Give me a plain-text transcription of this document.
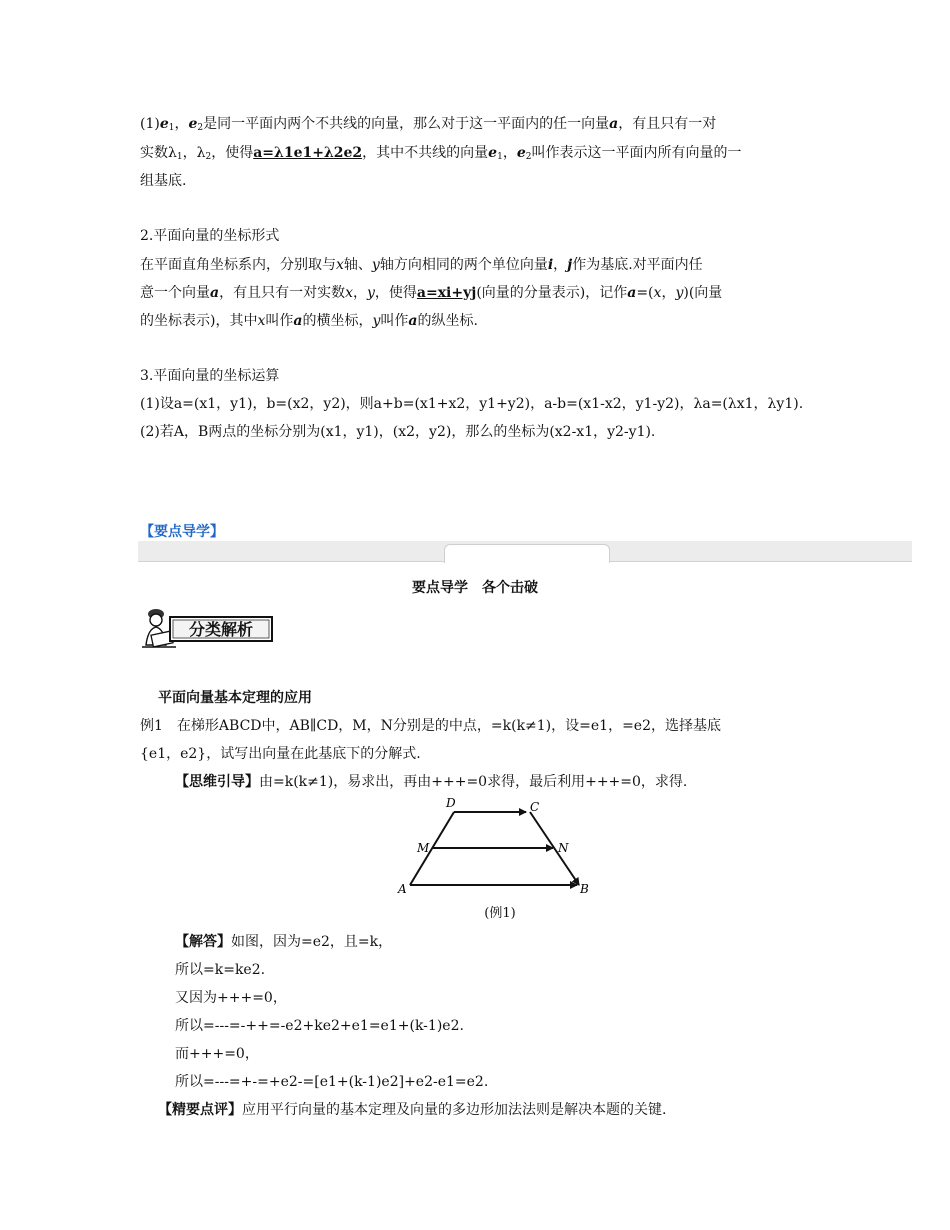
$(1)e_1$，$e_2$是同一平面内两个不共线的向量，那么对于这一平面内的任一向量a，有且只有一对
实数$\lambda_1$，$\lambda_2$，使得a=λ1e1+λ2e2，其中不共线的向量$e_1$，$e_2$叫作表示这一平面内所有向量的一
组基底.
2.平面向量的坐标形式
在平面直角坐标系内，分别取与x轴、y轴方向相同的两个单位向量i，j作为基底.对平面内任
意一个向量a，有且只有一对实数x，y，使得a=xi+yj(向量的分量表示)，记作a=(x，y)(向量
的坐标表示)，其中x叫作a的横坐标，y叫作a的纵坐标.
3.平面向量的坐标运算
(1)设a=(x1，y1)，b=(x2，y2)，则a+b=(x1+x2，y1+y2)，a-b=(x1-x2，y1-y2)，λa=(λx1，λy1).
(2)若A，B两点的坐标分别为(x1，y1)，(x2，y2)，那么的坐标为(x2-x1，y2-y1).
【要点导学】
要点导学　各个击破
分类解析
平面向量基本定理的应用
例1　在梯形ABCD中，AB∥CD，M，N分别是的中点，=k(k≠1)，设=e1，=e2，选择基底
{e1，e2}，试写出向量在此基底下的分解式.
【思维引导】由=k(k≠1)，易求出，再由+++=0求得，最后利用+++=0，求得.
A	B
C
D
M	N
(例1)
【解答】如图，因为=e2，且=k，
所以=k=ke2.
又因为+++=0，
所以=---=-++=-e2+ke2+e1=e1+(k-1)e2.
而+++=0，
所以=---=+-=+e2-=[e1+(k-1)e2]+e2-e1=e2.
【精要点评】应用平行向量的基本定理及向量的多边形加法法则是解决本题的关键.
